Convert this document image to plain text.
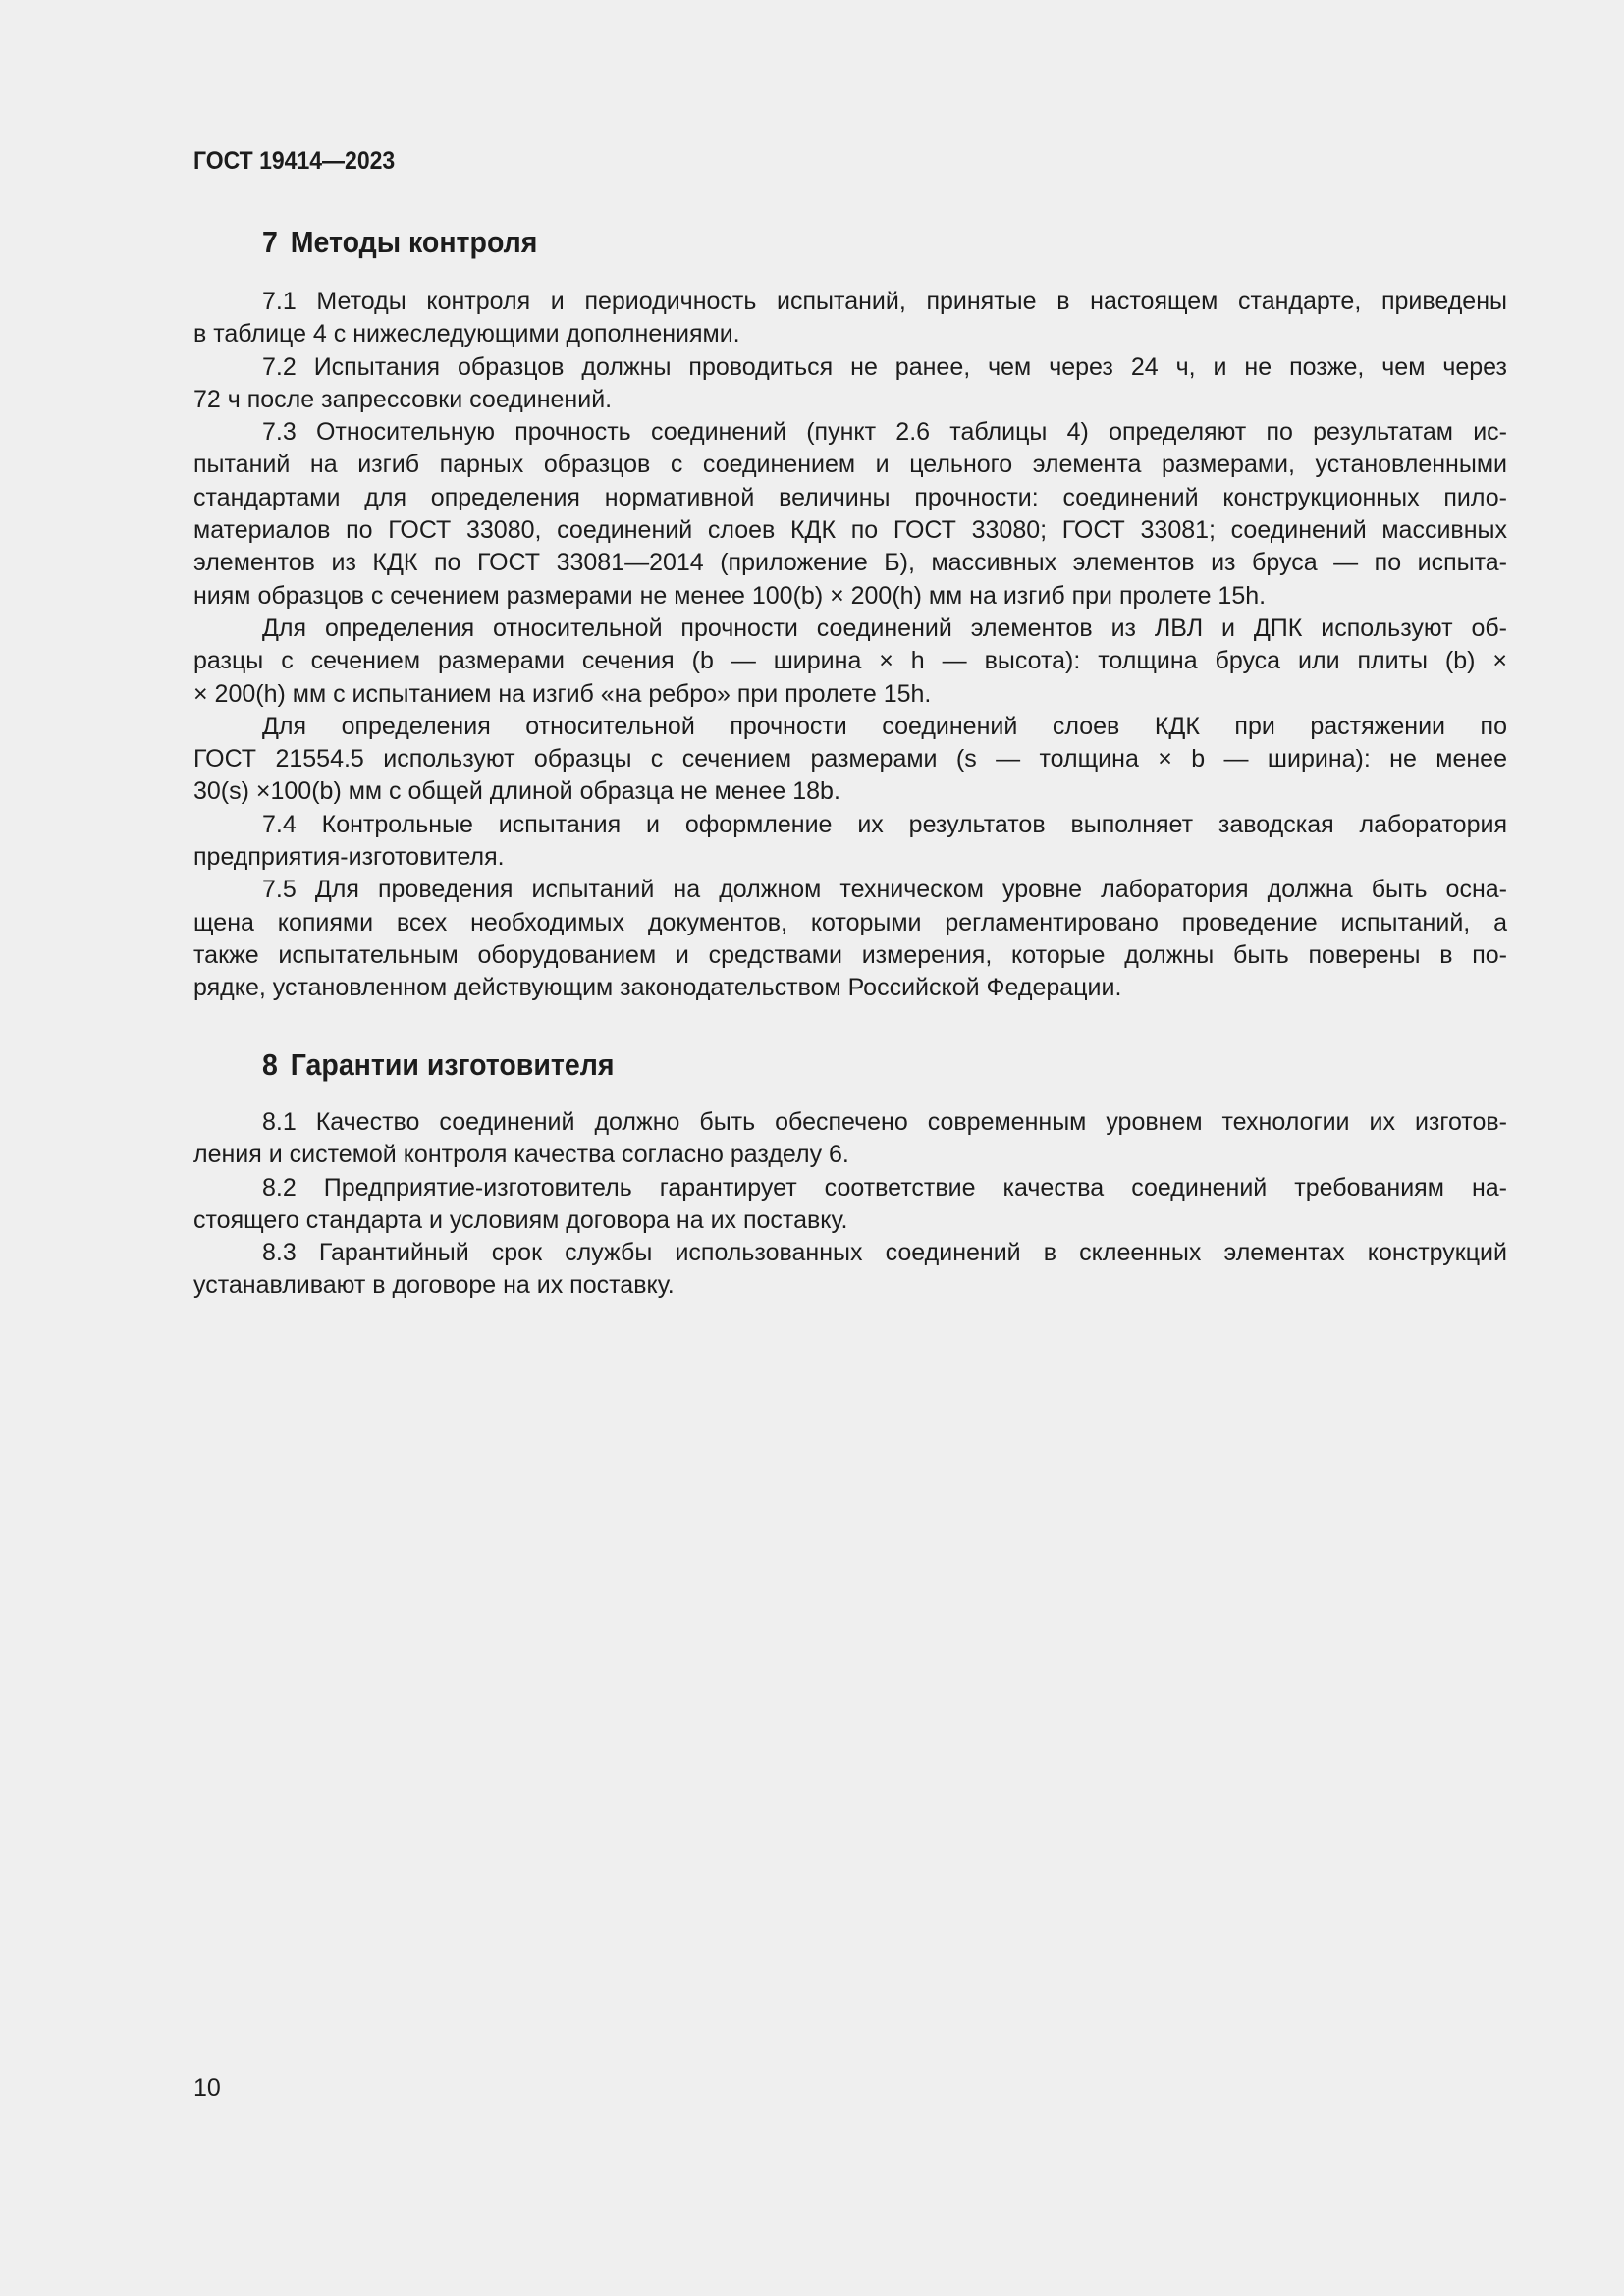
ГОСТ 19414—2023
7 Методы контроля
7.1 Методы контроля и периодичность испытаний, принятые в настоящем стандарте, приведены
в таблице 4 с нижеследующими дополнениями.
7.2 Испытания образцов должны проводиться не ранее, чем через 24 ч, и не позже, чем через
72 ч после запрессовки соединений.
7.3 Относительную прочность соединений (пункт 2.6 таблицы 4) определяют по результатам ис-
пытаний на изгиб парных образцов с соединением и цельного элемента размерами, установленными
стандартами для определения нормативной величины прочности: соединений конструкционных пило-
материалов по ГОСТ 33080, соединений слоев КДК по ГОСТ 33080; ГОСТ 33081; соединений массивных
элементов из КДК по ГОСТ 33081—2014 (приложение Б), массивных элементов из бруса — по испыта-
ниям образцов с сечением размерами не менее 100(b) × 200(h) мм на изгиб при пролете 15h.
Для определения относительной прочности соединений элементов из ЛВЛ и ДПК используют об-
разцы с сечением размерами сечения (b — ширина × h — высота): толщина бруса или плиты (b) ×
× 200(h) мм с испытанием на изгиб «на ребро» при пролете 15h.
Для определения относительной прочности соединений слоев КДК при растяжении по
ГОСТ 21554.5 используют образцы с сечением размерами (s — толщина × b — ширина): не менее
30(s) ×100(b) мм с общей длиной образца не менее 18b.
7.4 Контрольные испытания и оформление их результатов выполняет заводская лаборатория
предприятия-изготовителя.
7.5 Для проведения испытаний на должном техническом уровне лаборатория должна быть осна-
щена копиями всех необходимых документов, которыми регламентировано проведение испытаний, а
также испытательным оборудованием и средствами измерения, которые должны быть поверены в по-
рядке, установленном действующим законодательством Российской Федерации.
8 Гарантии изготовителя
8.1 Качество соединений должно быть обеспечено современным уровнем технологии их изготов-
ления и системой контроля качества согласно разделу 6.
8.2 Предприятие-изготовитель гарантирует соответствие качества соединений требованиям на-
стоящего стандарта и условиям договора на их поставку.
8.3 Гарантийный срок службы использованных соединений в склеенных элементах конструкций
устанавливают в договоре на их поставку.
10
